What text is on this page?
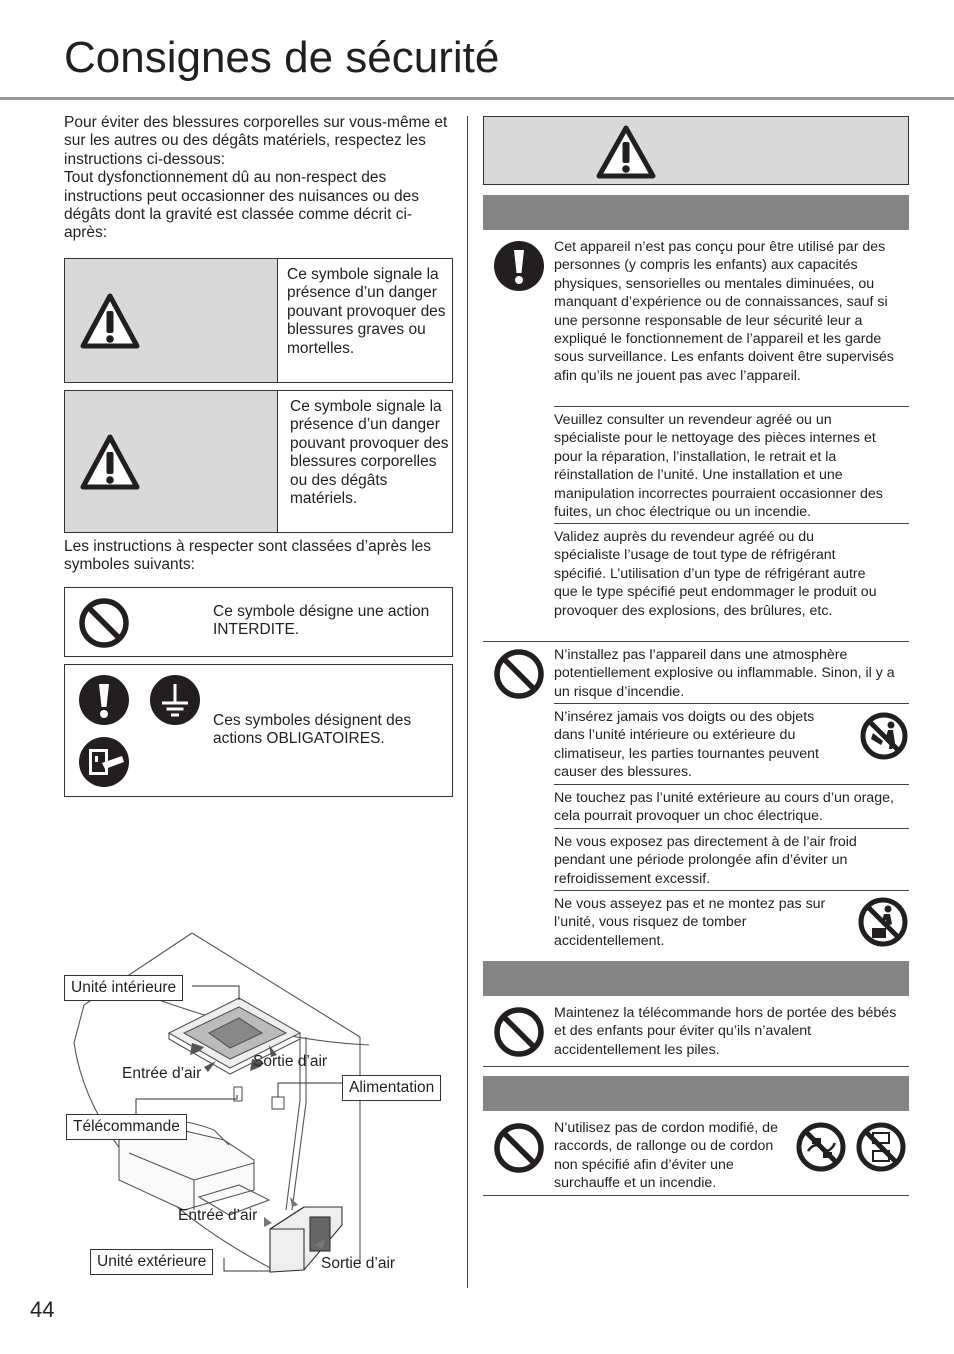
Consignes de sécurité

Pour éviter des blessures corporelles sur vous-même et sur les autres ou des dégâts matériels, respectez les instructions ci-dessous:

Tout dysfonctionnement dû au non-respect des instructions peut occasionner des nuisances ou des dégâts dont la gravité est classée comme décrit ci-après:

Ce symbole signale la présence d’un danger pouvant provoquer des blessures graves ou mortelles.
Ce symbole signale la présence d’un danger pouvant provoquer des blessures corporelles ou des dégâts matériels.
Les instructions à respecter sont classées d’après les symboles suivants:
Ce symbole désigne une action INTERDITE.
Ces symboles désignent des actions OBLIGATOIRES.
Unité intérieure
Entrée d’air
Sortie d’air
Alimentation
Télécommande
Entrée d’air
Unité extérieure	Sortie d’air
44
Cet appareil n’est pas conçu pour être utilisé par des personnes (y compris les enfants) aux capacités physiques, sensorielles ou mentales diminuées, ou manquant d’expérience ou de connaissances, sauf si une personne responsable de leur sécurité leur a expliqué le fonctionnement de l’appareil et les garde sous surveillance. Les enfants doivent être supervisés afin qu’ils ne jouent pas avec l’appareil.
Veuillez consulter un revendeur agréé ou un spécialiste pour le nettoyage des pièces internes et pour la réparation, l’installation, le retrait et la réinstallation de l’unité. Une installation et une manipulation incorrectes pourraient occasionner des fuites, un choc électrique ou un incendie.
Validez auprès du revendeur agréé ou du spécialiste l’usage de tout type de réfrigérant spécifié. L’utilisation d’un type de réfrigérant autre que le type spécifié peut endommager le produit ou provoquer des explosions, des brûlures, etc.
N’installez pas l’appareil dans une atmosphère potentiellement explosive ou inflammable. Sinon, il y a un risque d’incendie.
N’insérez jamais vos doigts ou des objets dans l’unité intérieure ou extérieure du climatiseur, les parties tournantes peuvent causer des blessures.
Ne touchez pas l’unité extérieure au cours d’un orage, cela pourrait provoquer un choc électrique.
Ne vous exposez pas directement à de l’air froid pendant une période prolongée afin d’éviter un refroidissement excessif.
Ne vous asseyez pas et ne montez pas sur l’unité, vous risquez de tomber accidentellement.
Maintenez la télécommande hors de portée des bébés et des enfants pour éviter qu’ils n’avalent accidentellement les piles.
N’utilisez pas de cordon modifié, de raccords, de rallonge ou de cordon non spécifié afin d’éviter une surchauffe et un incendie.
